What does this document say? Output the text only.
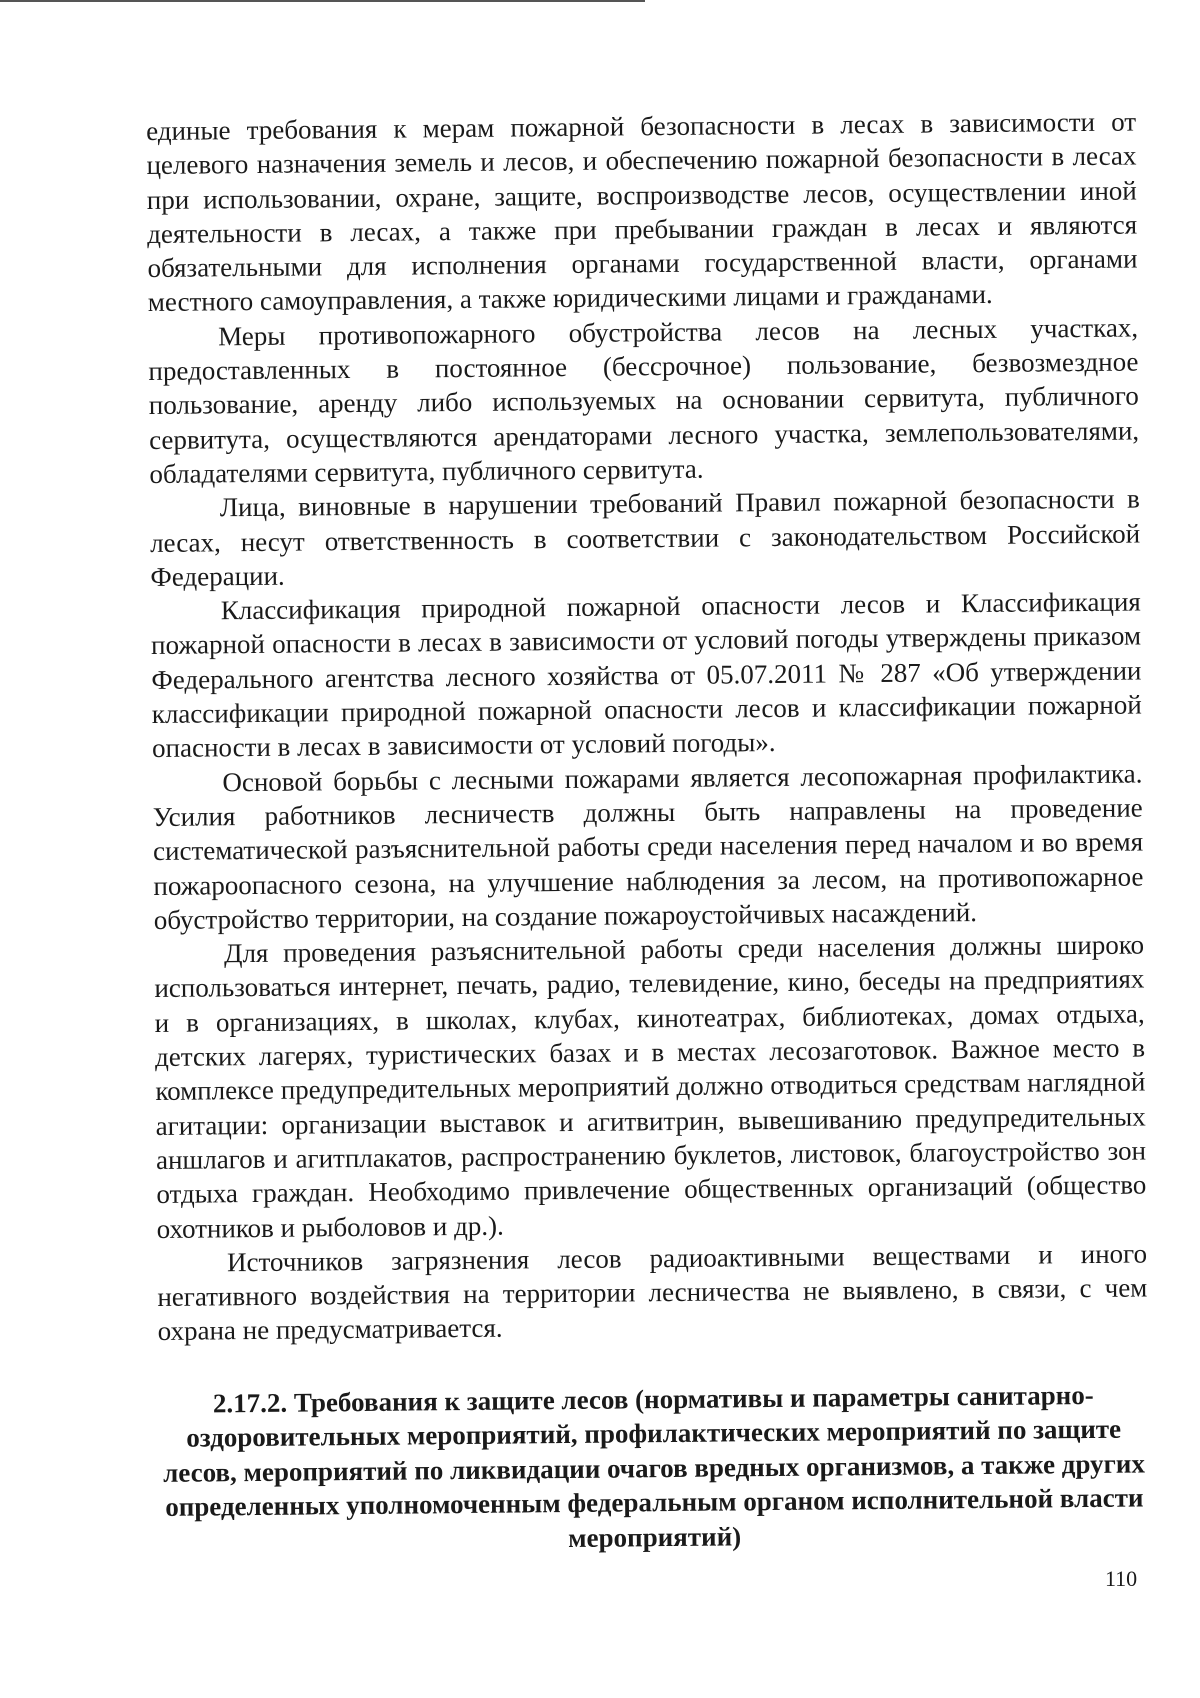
единые требования к мерам пожарной безопасности в лесах в зависимости от целевого назначения земель и лесов, и обеспечению пожарной безопасности в лесах при использовании, охране, защите, воспроизводстве лесов, осуществлении иной деятельности в лесах, а также при пребывании граждан в лесах и являются обязательными для исполнения органами государственной власти, органами местного самоуправления, а также юридическими лицами и гражданами.

Меры противопожарного обустройства лесов на лесных участках, предоставленных в постоянное (бессрочное) пользование, безвозмездное пользование, аренду либо используемых на основании сервитута, публичного сервитута, осуществляются арендаторами лесного участка, землепользователями, обладателями сервитута, публичного сервитута.

Лица, виновные в нарушении требований Правил пожарной безопасности в лесах, несут ответственность в соответствии с законодательством Российской Федерации.

Классификация природной пожарной опасности лесов и Классификация пожарной опасности в лесах в зависимости от условий погоды утверждены приказом Федерального агентства лесного хозяйства от 05.07.2011 № 287 «Об утверждении классификации природной пожарной опасности лесов и классификации пожарной опасности в лесах в зависимости от условий погоды».

Основой борьбы с лесными пожарами является лесопожарная профилактика. Усилия работников лесничеств должны быть направлены на проведение систематической разъяснительной работы среди населения перед началом и во время пожароопасного сезона, на улучшение наблюдения за лесом, на противопожарное обустройство территории, на создание пожароустойчивых насаждений.

Для проведения разъяснительной работы среди населения должны широко использоваться интернет, печать, радио, телевидение, кино, беседы на предприятиях и в организациях, в школах, клубах, кинотеатрах, библиотеках, домах отдыха, детских лагерях, туристических базах и в местах лесозаготовок. Важное место в комплексе предупредительных мероприятий должно отводиться средствам наглядной агитации: организации выставок и агитвитрин, вывешиванию предупредительных аншлагов и агитплакатов, распространению буклетов, листовок, благоустройство зон отдыха граждан. Необходимо привлечение общественных организаций (общество охотников и рыболовов и др.).

Источников загрязнения лесов радиоактивными веществами и иного негативного воздействия на территории лесничества не выявлено, в связи, с чем охрана не предусматривается.

2.17.2. Требования к защите лесов (нормативы и параметры санитарно-оздоровительных мероприятий, профилактических мероприятий по защите лесов, мероприятий по ликвидации очагов вредных организмов, а также других определенных уполномоченным федеральным органом исполнительной власти мероприятий)
110
